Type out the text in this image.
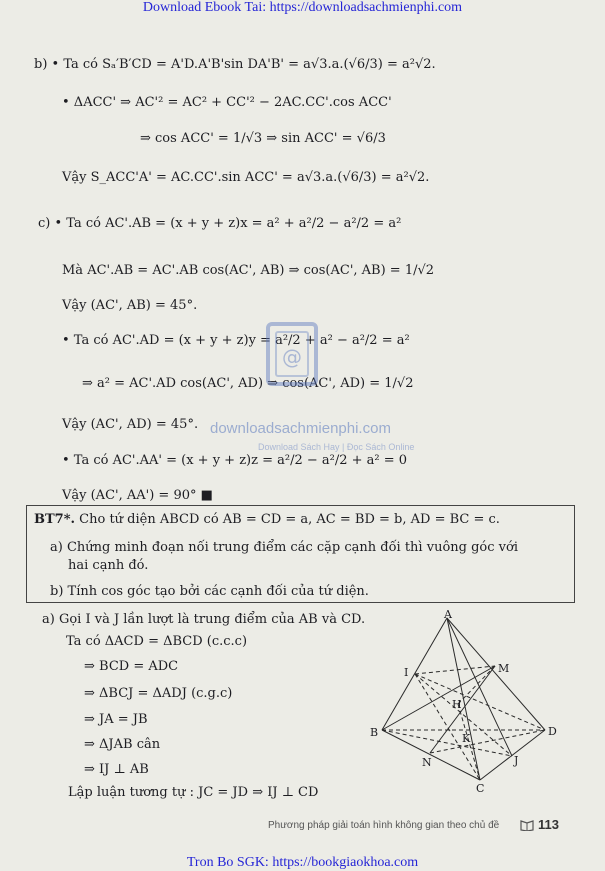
Download Ebook Tai: https://downloadsachmienphi.com
b) • Ta có Sₐ′B′CD = A'D.A'B'sin DA'B' = a√3.a.(√6/3) = a²√2.
• ΔACC' ⇒ AC'² = AC² + CC'² − 2AC.CC'.cos ACC'
⇒ cos ACC' = 1/√3 ⇒ sin ACC' = √6/3
Vậy S_ACC'A' = AC.CC'.sin ACC' = a√3.a.(√6/3) = a²√2.
c) • Ta có AC'.AB = (x + y + z)x = a² + a²/2 − a²/2 = a²
Mà AC'.AB = AC'.AB cos(AC', AB) ⇒ cos(AC', AB) = 1/√2
Vậy (AC', AB) = 45°.
• Ta có AC'.AD = (x + y + z)y = a²/2 + a² − a²/2 = a²
⇒ a² = AC'.AD cos(AC', AD) ⇒ cos(AC', AD) = 1/√2
Vậy (AC', AD) = 45°.
• Ta có AC'.AA' = (x + y + z)z = a²/2 − a²/2 + a² = 0
Vậy (AC', AA') = 90° ■
@
downloadsachmienphi.com
Download Sách Hay | Đọc Sách Online
BT7*. Cho tứ diện ABCD có AB = CD = a, AC = BD = b, AD = BC = c.
a) Chứng minh đoạn nối trung điểm các cặp cạnh đối thì vuông góc với
hai cạnh đó.
b) Tính cos góc tạo bởi các cạnh đối của tứ diện.
a) Gọi I và J lần lượt là trung điểm của AB và CD.
Ta có ΔACD = ΔBCD (c.c.c)
⇒ BCD = ADC
⇒ ΔBCJ = ΔADJ (c.g.c)
⇒ JA = JB
⇒ ΔJAB cân
⇒ IJ ⊥ AB
Lập luận tương tự : JC = JD ⇒ IJ ⊥ CD
A
B
C
D
I
J
M
N
K
H
Phương pháp giải toán hình không gian theo chủ đề	113
Tron Bo SGK: https://bookgiaokhoa.com
